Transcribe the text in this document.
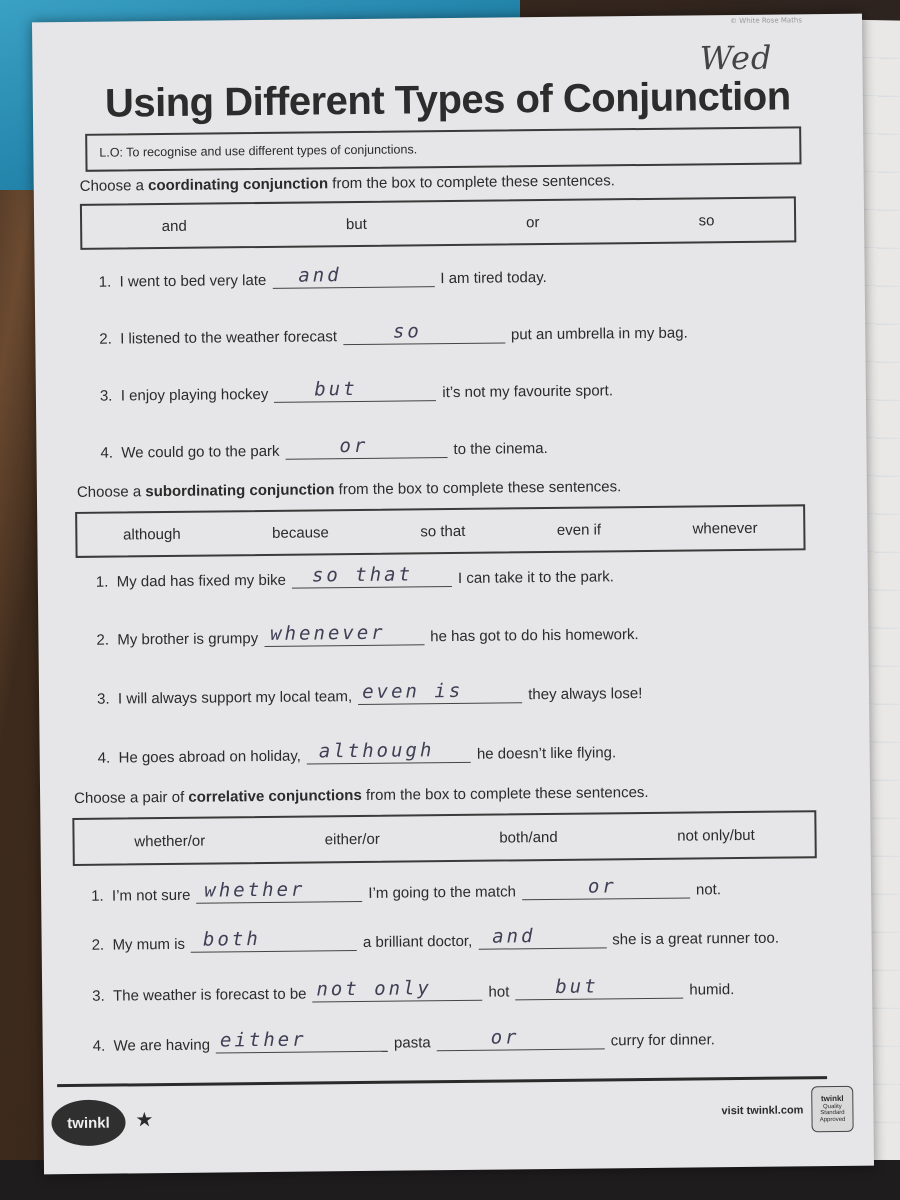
© White Rose Maths
Wed
Using Different Types of Conjunction
L.O: To recognise and use different types of conjunctions.
Choose a coordinating conjunction from the box to complete these sentences.
and	but	or	so
1.
I went to bed very late and	I am tired today.
2.
I listened to the weather forecast	so	put an umbrella in my bag.
3.
I enjoy playing hockey but	it’s not my favourite sport.
4.
We could go to the park	or	to the cinema.
Choose a subordinating conjunction from the box to complete these sentences.
although	because	so that	even if	whenever
1.
My dad has fixed my bike so that	I can take it to the park.
2.
My brother is grumpy whenever	he has got to do his homework.
3.
I will always support my local team, even is	they always lose!
4.
He goes abroad on holiday, although	he doesn’t like flying.
Choose a pair of correlative conjunctions from the box to complete these sentences.
whether/or	either/or	both/and	not only/but
1.
I’m not sure whether	I’m going to the match	or	not.
2.
My mum is both	a brilliant doctor, and	she is a great runner too.
3.
The weather is forecast to be not only	hot but	humid.
4.
We are having either	pasta	or	curry for dinner.
twinkl	★	visit twinkl.com
twinkl
Quality Standard Approved
